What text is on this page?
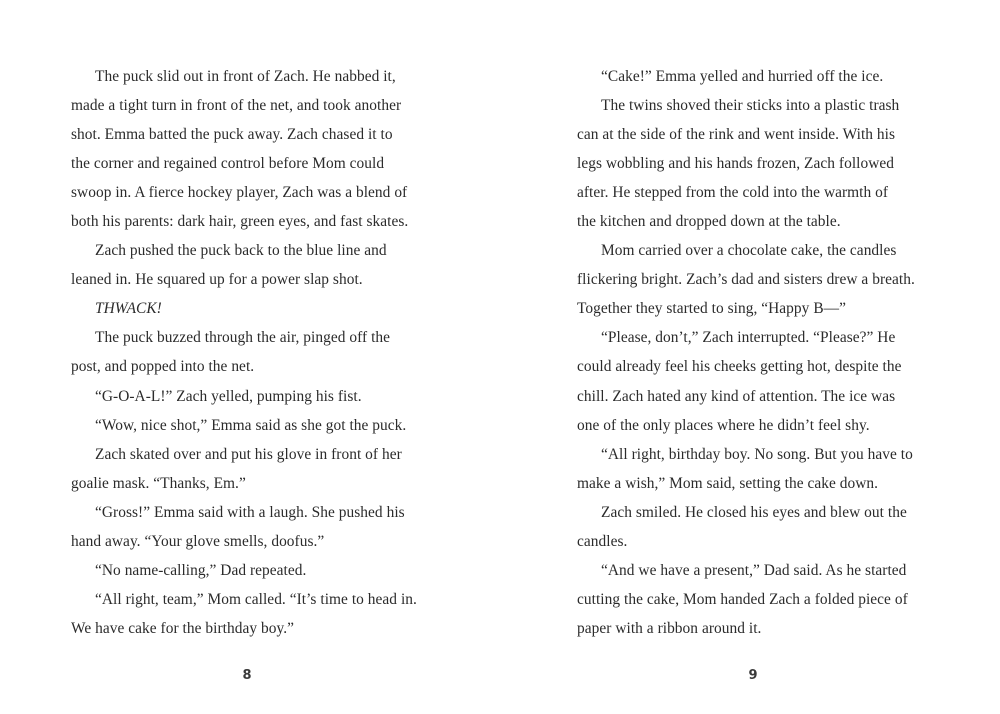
The puck slid out in front of Zach. He nabbed it,
made a tight turn in front of the net, and took another
shot. Emma batted the puck away. Zach chased it to
the corner and regained control before Mom could
swoop in. A fierce hockey player, Zach was a blend of
both his parents: dark hair, green eyes, and fast skates.
Zach pushed the puck back to the blue line and
leaned in. He squared up for a power slap shot.
THWACK!
The puck buzzed through the air, pinged off the
post, and popped into the net.
“G-O-A-L!” Zach yelled, pumping his fist.
“Wow, nice shot,” Emma said as she got the puck.
Zach skated over and put his glove in front of her
goalie mask. “Thanks, Em.”
“Gross!” Emma said with a laugh. She pushed his
hand away. “Your glove smells, doofus.”
“No name-calling,” Dad repeated.
“All right, team,” Mom called. “It’s time to head in.
We have cake for the birthday boy.”
“Cake!” Emma yelled and hurried off the ice.
The twins shoved their sticks into a plastic trash
can at the side of the rink and went inside. With his
legs wobbling and his hands frozen, Zach followed
after. He stepped from the cold into the warmth of
the kitchen and dropped down at the table.
Mom carried over a chocolate cake, the candles
flickering bright. Zach’s dad and sisters drew a breath.
Together they started to sing, “Happy B—”
“Please, don’t,” Zach interrupted. “Please?” He
could already feel his cheeks getting hot, despite the
chill. Zach hated any kind of attention. The ice was
one of the only places where he didn’t feel shy.
“All right, birthday boy. No song. But you have to
make a wish,” Mom said, setting the cake down.
Zach smiled. He closed his eyes and blew out the
candles.
“And we have a present,” Dad said. As he started
cutting the cake, Mom handed Zach a folded piece of
paper with a ribbon around it.
8	9
